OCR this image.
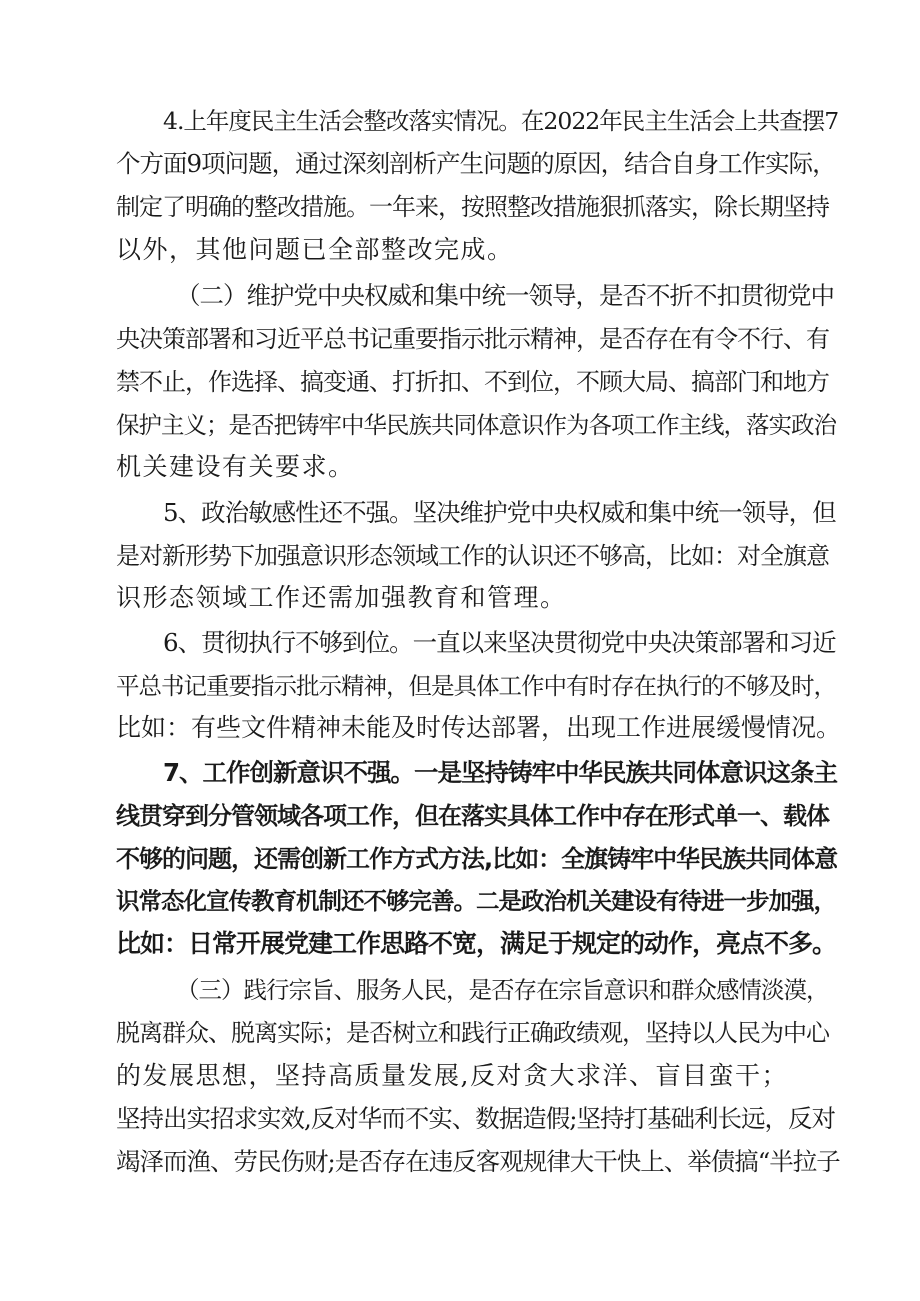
4.上年度民主生活会整改落实情况。在2022年民主生活会上共查摆7
个方面9项问题，通过深刻剖析产生问题的原因，结合自身工作实际，
制定了明确的整改措施。一年来，按照整改措施狠抓落实，除长期坚持
以外，其他问题已全部整改完成。
（二）维护党中央权威和集中统一领导，是否不折不扣贯彻党中
央决策部署和习近平总书记重要指示批示精神，是否存在有令不行、有
禁不止，作选择、搞变通、打折扣、不到位，不顾大局、搞部门和地方
保护主义；是否把铸牢中华民族共同体意识作为各项工作主线，落实政治
机关建设有关要求。
5、政治敏感性还不强。坚决维护党中央权威和集中统一领导，但
是对新形势下加强意识形态领域工作的认识还不够高，比如：对全旗意
识形态领域工作还需加强教育和管理。
6、贯彻执行不够到位。一直以来坚决贯彻党中央决策部署和习近
平总书记重要指示批示精神，但是具体工作中有时存在执行的不够及时，
比如：有些文件精神未能及时传达部署，出现工作进展缓慢情况。
7、工作创新意识不强。一是坚持铸牢中华民族共同体意识这条主
线贯穿到分管领域各项工作，但在落实具体工作中存在形式单一、载体
不够的问题，还需创新工作方式方法,比如：全旗铸牢中华民族共同体意
识常态化宣传教育机制还不够完善。二是政治机关建设有待进一步加强，
比如：日常开展党建工作思路不宽，满足于规定的动作，亮点不多。
（三）践行宗旨、服务人民，是否存在宗旨意识和群众感情淡漠，
脱离群众、脱离实际；是否树立和践行正确政绩观，坚持以人民为中心
的发展思想，坚持高质量发展,反对贪大求洋、盲目蛮干；
坚持出实招求实效,反对华而不实、数据造假;坚持打基础利长远，反对
竭泽而渔、劳民伤财;是否存在违反客观规律大干快上、举债搞“半拉子
